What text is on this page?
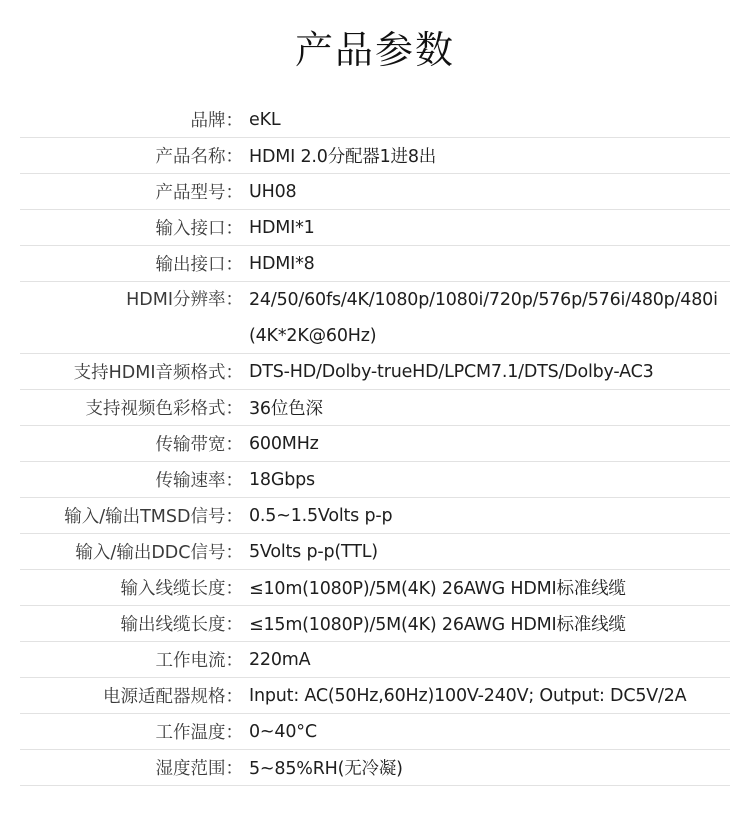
产品参数
品牌： eKL
产品名称： HDMI 2.0分配器1进8出
产品型号： UH08
输入接口： HDMI*1
输出接口： HDMI*8
HDMI分辨率： 24/50/60fs/4K/1080p/1080i/720p/576p/576i/480p/480i(4K*2K@60Hz)
支持HDMI音频格式： DTS-HD/Dolby-trueHD/LPCM7.1/DTS/Dolby-AC3
支持视频色彩格式： 36位色深
传输带宽： 600MHz
传输速率： 18Gbps
输入/输出TMSD信号： 0.5~1.5Volts p-p
输入/输出DDC信号： 5Volts p-p(TTL)
输入线缆长度： ≤10m(1080P)/5M(4K) 26AWG HDMI标准线缆
输出线缆长度： ≤15m(1080P)/5M(4K) 26AWG HDMI标准线缆
工作电流： 220mA
电源适配器规格： Input: AC(50Hz,60Hz)100V-240V; Output: DC5V/2A
工作温度： 0~40°C
湿度范围： 5~85%RH(无冷凝)
